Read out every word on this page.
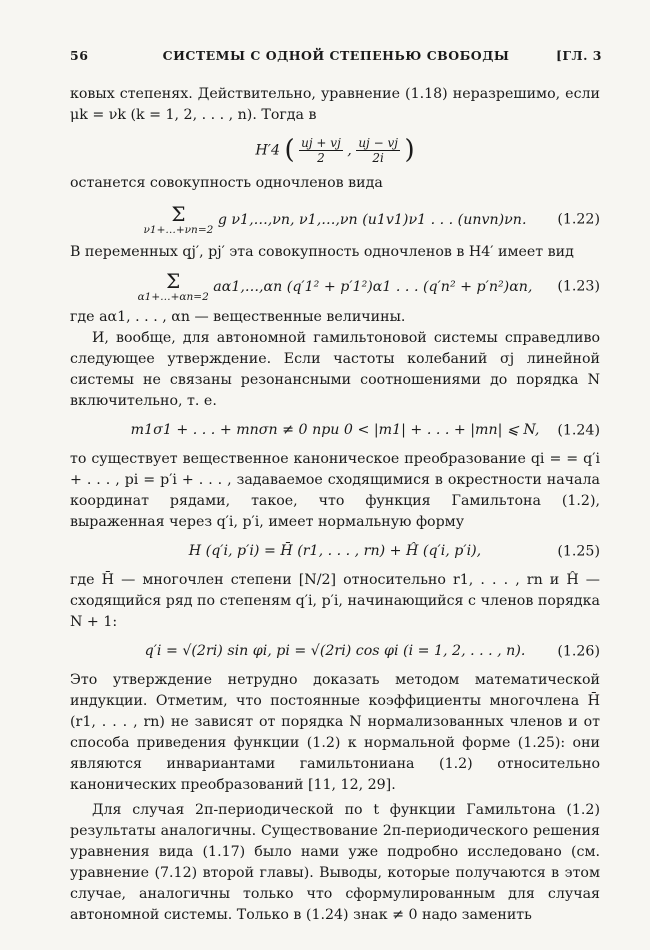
56	СИСТЕМЫ С ОДНОЙ СТЕПЕНЬЮ СВОБОДЫ	[ГЛ. 3

ковых степенях. Действительно, уравнение (1.18) неразрешимо, если μk = νk (k = 1, 2, . . . , n). Тогда в

H′4 ( $\frac{uj + vj}{2}$ , $\frac{uj - vj}{2i}$ )

останется совокупность одночленов вида

Σ
ν1+…+νn=2
g ν1,…,νn, ν1,…,νn (u1v1)ν1 . . . (unvn)νn. (1.22)

В переменных qj′, pj′ эта совокупность одночленов в H4′ имеет вид

Σ
α1+…+αn=2
aα1,…,αn (q′1² + p′1²)α1 . . . (q′n² + p′n²)αn, (1.23)

где aα1, . . . , αn — вещественные величины.

И, вообще, для автономной гамильтоновой системы справедливо следующее утверждение. Если частоты колебаний σj линейной системы не связаны резонансными соотношениями до порядка N включительно, т. е.

m1σ1 + . . . + mnσn ≠ 0 при 0 < |m1| + . . . + |mn| ⩽ N, (1.24)

то существует вещественное каноническое преобразование qi = = q′i + . . . , pi = p′i + . . . , задаваемое сходящимися в окрестности начала координат рядами, такое, что функция Гамильтона (1.2), выраженная через q′i, p′i, имеет нормальную форму

H (q′i, p′i) = H̄ (r1, . . . , rn) + Ĥ (q′i, p′i),	(1.25)

где H̄ — многочлен степени [N/2] относительно r1, . . . , rn и Ĥ — сходящийся ряд по степеням q′i, p′i, начинающийся с членов порядка N + 1:

q′i = √(2ri) sin φi, pi = √(2ri) cos φi (i = 1, 2, . . . , n). (1.26)

Это утверждение нетрудно доказать методом математической индукции. Отметим, что постоянные коэффициенты многочлена H̄ (r1, . . . , rn) не зависят от порядка N нормализованных членов и от способа приведения функции (1.2) к нормальной форме (1.25): они являются инвариантами гамильтониана (1.2) относительно канонических преобразований [11, 12, 29].

Для случая 2π-периодической по t функции Гамильтона (1.2) результаты аналогичны. Существование 2π-периодического решения уравнения вида (1.17) было нами уже подробно исследовано (см. уравнение (7.12) второй главы). Выводы, которые получаются в этом случае, аналогичны только что сформулированным для случая автономной системы. Только в (1.24) знак ≠ 0 надо заменить
